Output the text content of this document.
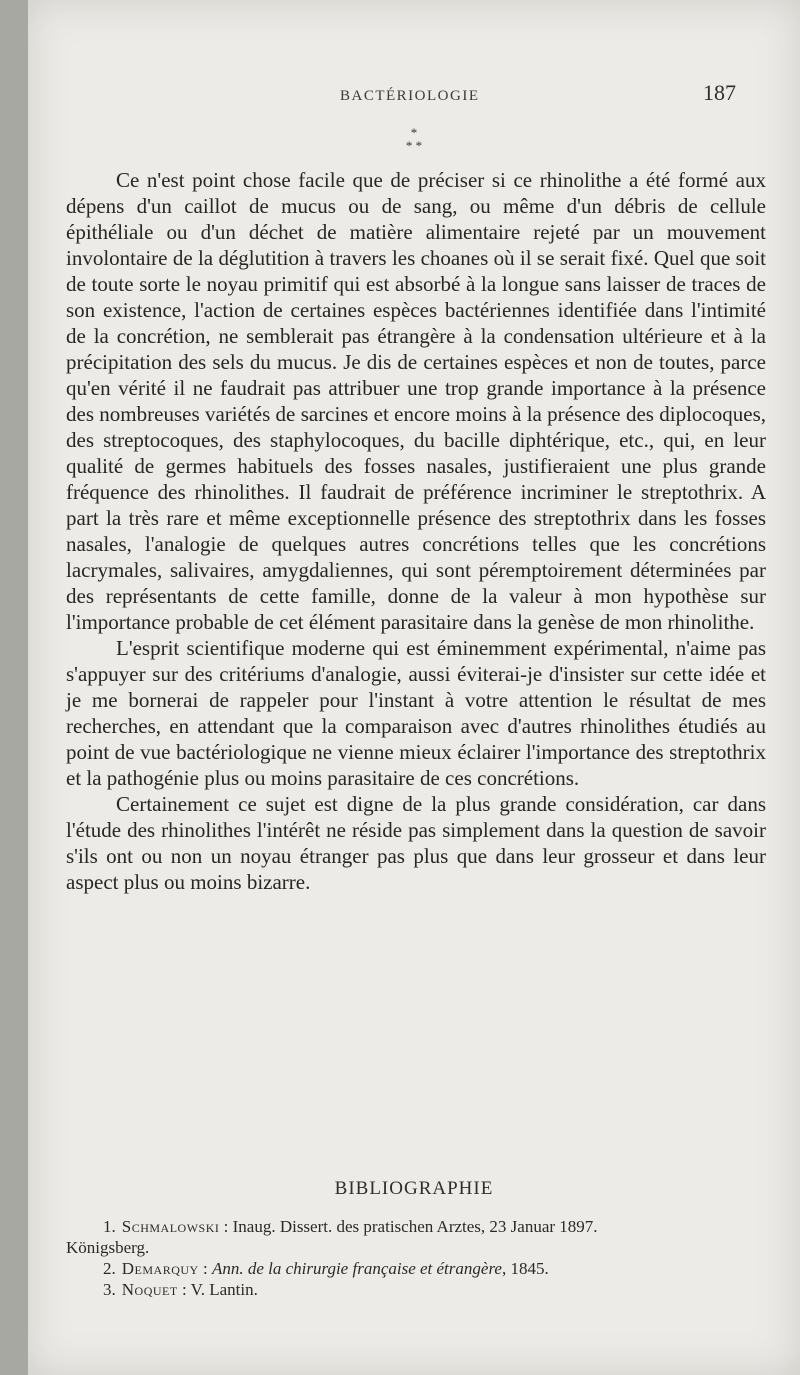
BACTÉRIOLOGIE	187
*
* *

Ce n'est point chose facile que de préciser si ce rhinolithe a été formé aux dépens d'un caillot de mucus ou de sang, ou même d'un débris de cellule épithéliale ou d'un déchet de matière alimentaire rejeté par un mouvement involontaire de la déglutition à travers les choanes où il se serait fixé. Quel que soit de toute sorte le noyau primitif qui est absorbé à la longue sans laisser de traces de son existence, l'action de certaines espèces bactériennes identifiée dans l'intimité de la concrétion, ne semblerait pas étrangère à la condensation ultérieure et à la précipitation des sels du mucus. Je dis de certaines espèces et non de toutes, parce qu'en vérité il ne faudrait pas attribuer une trop grande importance à la présence des nombreuses variétés de sarcines et encore moins à la présence des diplocoques, des streptocoques, des staphylocoques, du bacille diphtérique, etc., qui, en leur qualité de germes habituels des fosses nasales, justifieraient une plus grande fréquence des rhinolithes. Il faudrait de préférence incriminer le streptothrix. A part la très rare et même exceptionnelle présence des streptothrix dans les fosses nasales, l'analogie de quelques autres concrétions telles que les concrétions lacrymales, salivaires, amygdaliennes, qui sont péremptoirement déterminées par des représentants de cette famille, donne de la valeur à mon hypothèse sur l'importance probable de cet élément parasitaire dans la genèse de mon rhinolithe.

L'esprit scientifique moderne qui est éminemment expérimental, n'aime pas s'appuyer sur des critériums d'analogie, aussi éviterai-je d'insister sur cette idée et je me bornerai de rappeler pour l'instant à votre attention le résultat de mes recherches, en attendant que la comparaison avec d'autres rhinolithes étudiés au point de vue bactériologique ne vienne mieux éclairer l'importance des streptothrix et la pathogénie plus ou moins parasitaire de ces concrétions.

Certainement ce sujet est digne de la plus grande considération, car dans l'étude des rhinolithes l'intérêt ne réside pas simplement dans la question de savoir s'ils ont ou non un noyau étranger pas plus que dans leur grosseur et dans leur aspect plus ou moins bizarre.

BIBLIOGRAPHIE
1. Schmalowski : Inaug. Dissert. des pratischen Arztes, 23 Januar 1897.
Königsberg.
2. Demarquy : Ann. de la chirurgie française et étrangère, 1845.
3. Noquet : V. Lantin.
